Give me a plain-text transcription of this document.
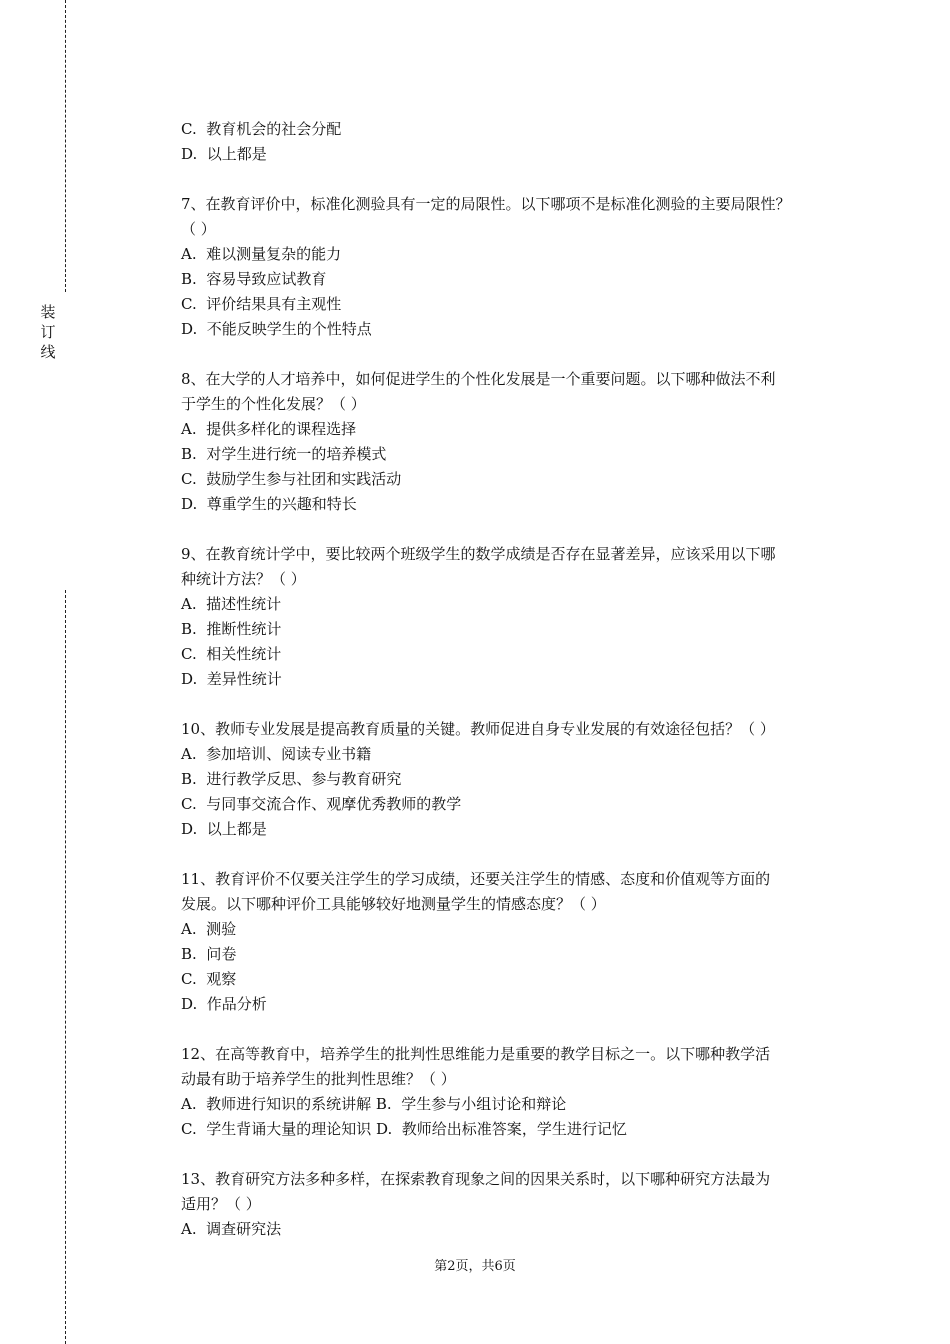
装
订
线
C.  教育机会的社会分配
D.  以上都是
7、在教育评价中，标准化测验具有一定的局限性。以下哪项不是标准化测验的主要局限性？
（ ）
A.  难以测量复杂的能力
B.  容易导致应试教育
C.  评价结果具有主观性
D.  不能反映学生的个性特点
8、在大学的人才培养中，如何促进学生的个性化发展是一个重要问题。以下哪种做法不利
于学生的个性化发展？（ ）
A.  提供多样化的课程选择
B.  对学生进行统一的培养模式
C.  鼓励学生参与社团和实践活动
D.  尊重学生的兴趣和特长
9、在教育统计学中，要比较两个班级学生的数学成绩是否存在显著差异，应该采用以下哪
种统计方法？（ ）
A.  描述性统计
B.  推断性统计
C.  相关性统计
D.  差异性统计
10、教师专业发展是提高教育质量的关键。教师促进自身专业发展的有效途径包括？（ ）
A.  参加培训、阅读专业书籍
B.  进行教学反思、参与教育研究
C.  与同事交流合作、观摩优秀教师的教学
D.  以上都是
11、教育评价不仅要关注学生的学习成绩，还要关注学生的情感、态度和价值观等方面的
发展。以下哪种评价工具能够较好地测量学生的情感态度？（ ）
A.  测验
B.  问卷
C.  观察
D.  作品分析
12、在高等教育中，培养学生的批判性思维能力是重要的教学目标之一。以下哪种教学活
动最有助于培养学生的批判性思维？（ ）
A.  教师进行知识的系统讲解 B.  学生参与小组讨论和辩论
C.  学生背诵大量的理论知识 D.  教师给出标准答案，学生进行记忆
13、教育研究方法多种多样，在探索教育现象之间的因果关系时，以下哪种研究方法最为
适用？（ ）
A.  调查研究法
第2页，共6页
